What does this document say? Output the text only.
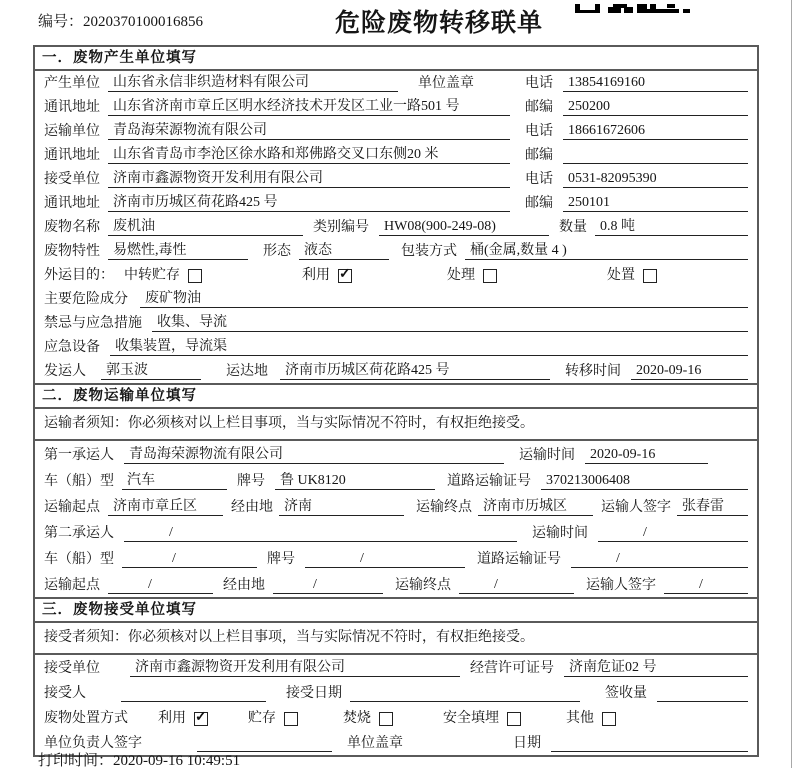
编号：2020370100016856	危险废物转移联单
一．废物产生单位填写
产生单位 山东省永信非织造材料有限公司	单位盖章	电话	13854169160
通讯地址 山东省济南市章丘区明水经济技术开发区工业一路501 号	邮编	250200
运输单位 青岛海荣源物流有限公司	电话	18661672606
通讯地址 山东省青岛市李沧区徐水路和郑佛路交叉口东侧20 米	邮编
接受单位 济南市鑫源物资开发利用有限公司	电话	0531-82095390
通讯地址 济南市历城区荷花路425 号	邮编	250101
废物名称 废机油	类别编号	HW08(900-249-08)	数量 0.8 吨
废物特性 易燃性,毒性	形态 液态	包装方式 桶(金属,数量 4 )
外运目的： 中转贮存	利用 ✓	处理	处置
主要危险成分	废矿物油
禁忌与应急措施	收集、导流
应急设备	收集装置，导流渠
发运人	郭玉波	运达地	济南市历城区荷花路425 号	转移时间	2020-09-16
二．废物运输单位填写
运输者须知：你必须核对以上栏目事项，当与实际情况不符时，有权拒绝接受。
第一承运人	青岛海荣源物流有限公司	运输时间	2020-09-16
车（船）型 汽车	牌号	鲁 UK8120	道路运输证号	370213006408
运输起点 济南市章丘区	经由地 济南	运输终点 济南市历城区	运输人签字 张春雷
第二承运人	/	运输时间	/
车（船）型	/	牌号	/	道路运输证号	/
运输起点	/	经由地	/	运输终点	/	运输人签字	/
三．废物接受单位填写
接受者须知：你必须核对以上栏目事项，当与实际情况不符时，有权拒绝接受。
接受单位	济南市鑫源物资开发利用有限公司	经营许可证号	济南危证02 号
接受人	接受日期	签收量
废物处置方式 利用 ✓	贮存	焚烧	安全填埋	其他
单位负责人签字	单位盖章	日期
打印时间：2020-09-16 10:49:51
